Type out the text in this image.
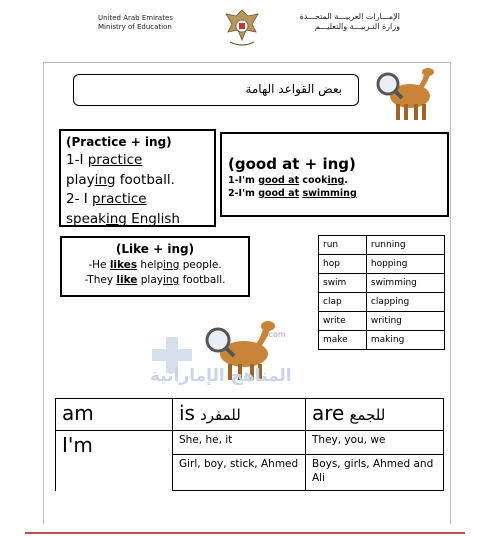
United Arab Emirates
Ministry of Education
الإمـــارات العربيـــة المتحـــدة
وزارة التـربيـــة والتعليـــم
بعض القواعد الهامة
(Practice + ing)
1-I practice
playing football.
2- I practice
speaking English
(good at + ing)
1-I'm good at cooking.
2-I'm good at swimming
(Like + ing)
-He likes helping people.
-They like playing football.
run	running
hop	hopping
swim	swimming
clap	clapping
write	writing
make	making
.com
المناهج الإماراتية
am	is للمفرد	are للجمع
I'm	She, he, it	They, you, we
	Girl, boy, stick, Ahmed	Boys, girls, Ahmed and Ali
